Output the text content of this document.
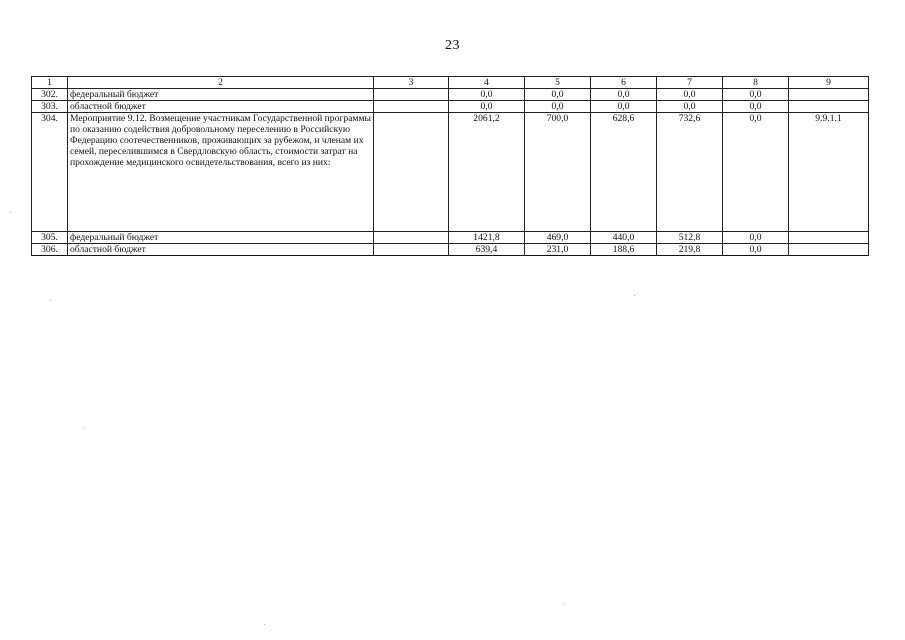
23
1	2	3	4	5	6	7	8	9
302.	федеральный бюджет		0,0	0,0	0,0	0,0	0,0	
303.	областной бюджет		0,0	0,0	0,0	0,0	0,0	
304.	Мероприятие 9.12. Возмещение участникам Государственной программы по оказанию содействия добровольному переселению в Российскую Федерацию соотечественников, проживающих за рубежом, и членам их семей, переселившимся в Свердловскую область, стоимости затрат на прохождение медицинского освидетельствования, всего из них:		2061,2	700,0	628,6	732,6	0,0	9.9.1.1
305.	федеральный бюджет		1421,8	469,0	440,0	512,8	0,0	
306.	областной бюджет		639,4	231,0	188,6	219,8	0,0	
